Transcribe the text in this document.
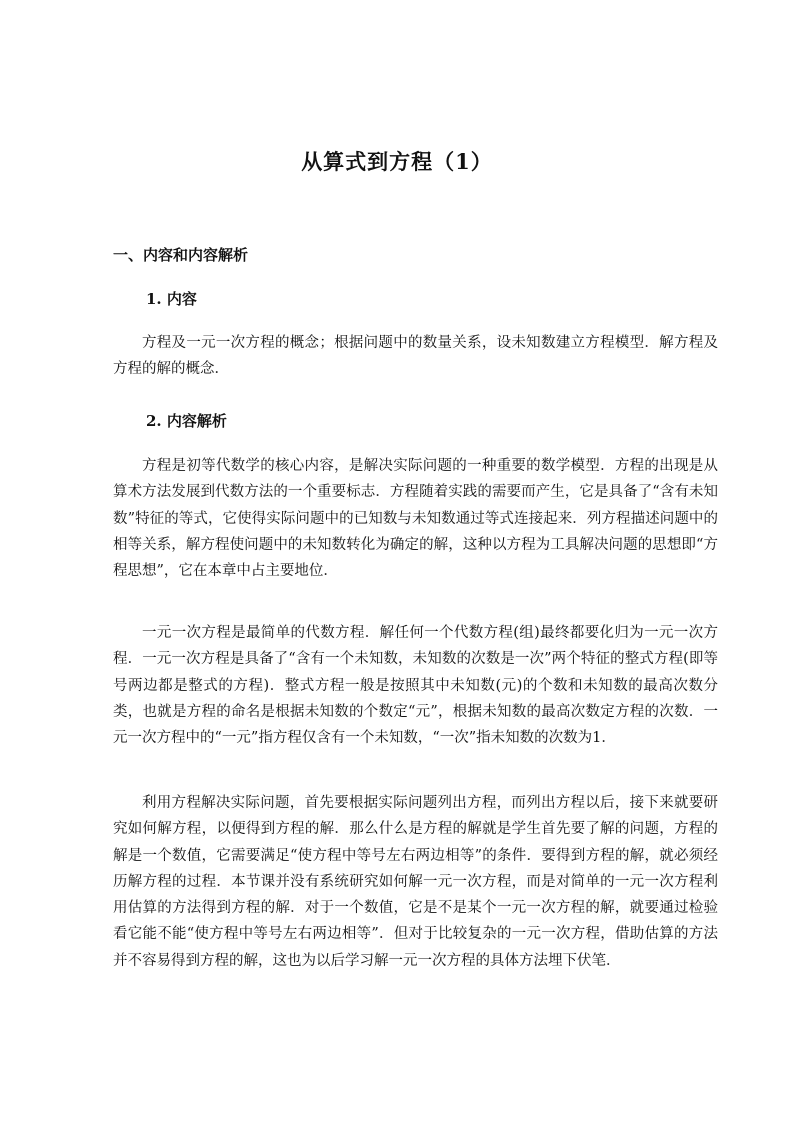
从算式到方程（1）
一、内容和内容解析
1. 内容

方程及一元一次方程的概念；根据问题中的数量关系，设未知数建立方程模型．解方程及方程的解的概念．

2. 内容解析

方程是初等代数学的核心内容，是解决实际问题的一种重要的数学模型．方程的出现是从算术方法发展到代数方法的一个重要标志．方程随着实践的需要而产生，它是具备了“含有未知数”特征的等式，它使得实际问题中的已知数与未知数通过等式连接起来．列方程描述问题中的相等关系，解方程使问题中的未知数转化为确定的解，这种以方程为工具解决问题的思想即“方程思想”，它在本章中占主要地位．

一元一次方程是最简单的代数方程．解任何一个代数方程(组)最终都要化归为一元一次方程．一元一次方程是具备了“含有一个未知数，未知数的次数是一次”两个特征的整式方程(即等号两边都是整式的方程)．整式方程一般是按照其中未知数(元)的个数和未知数的最高次数分类，也就是方程的命名是根据未知数的个数定“元”，根据未知数的最高次数定方程的次数．一元一次方程中的“一元”指方程仅含有一个未知数，“一次”指未知数的次数为1．

利用方程解决实际问题，首先要根据实际问题列出方程，而列出方程以后，接下来就要研究如何解方程，以便得到方程的解．那么什么是方程的解就是学生首先要了解的问题，方程的解是一个数值，它需要满足“使方程中等号左右两边相等”的条件．要得到方程的解，就必须经历解方程的过程．本节课并没有系统研究如何解一元一次方程，而是对简单的一元一次方程利用估算的方法得到方程的解．对于一个数值，它是不是某个一元一次方程的解，就要通过检验看它能不能“使方程中等号左右两边相等”．但对于比较复杂的一元一次方程，借助估算的方法并不容易得到方程的解，这也为以后学习解一元一次方程的具体方法埋下伏笔．
